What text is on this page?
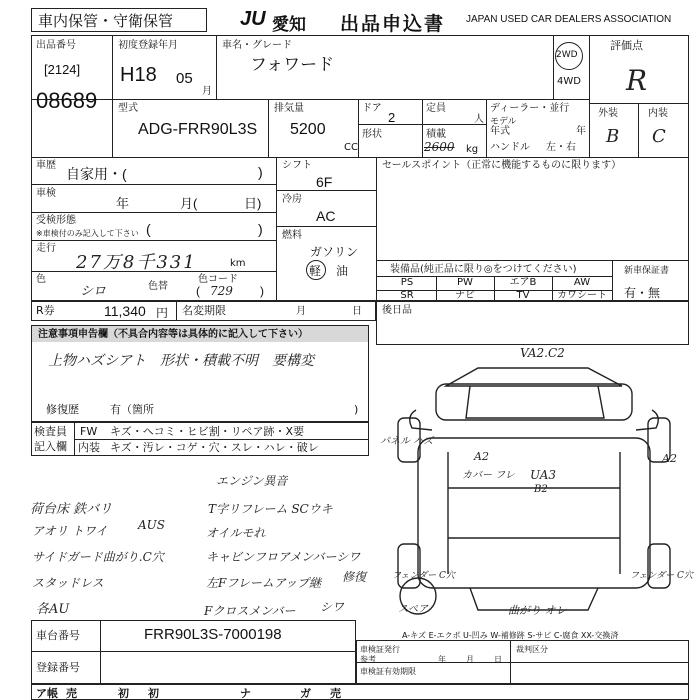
車内保管・守衛保管	JU 愛知 出品申込書 JAPAN USED CAR DEALERS ASSOCIATION
出品番号
[2124]
08689
初度登録年月
H18 05
月
車名・グレード
フォワード	2WD
4WD
評価点
R
外装
B
内装
C
型式
ADG-FRR90L3S
排気量
5200
CC
ドア
2
定員
人
形状	積載
2600 kg
ディーラー・並行
モデル
年式	年
ハンドル 左・右
車歴
自家用・(	)
車検
年	月(	日)
受検形態
※車検付のみ記入して下さい (	)
走行
27万8千331	km
色
シロ	色替
色コード
729
(	)
シフト
6F
冷房
AC
燃料
ガソリン
軽 油
セールスポイント（正常に機能するものに限ります）
装備品(純正品に限り◎をつけてください)
PS	PW	エアB	AW
SR	ナビ	TV	カワシート
新車保証書
有・無
R券	11,340 円 名変期限	月	日 後日品
注意事項申告欄（不具合内容等は具体的に記入して下さい）
上物ハズシアト　形状・積載不明　要構変
修復歴	有（箇所	)
検査員
記入欄
FW キズ・ヘコミ・ヒビ割・リペア跡・X要
内装 キズ・汚レ・コゲ・穴・スレ・ハレ・破レ
エンジン異音
荷台床 鉄バリ	T字リフレーム SCウキ
アオリ トワイ	AUS
オイルモれ
サイドガード曲がり.C穴	キャビンフロアメンバーシワ
スタッドレス	左Fフレームアップ継 修復
各AU	Fクロスメンバー シワ
VA2.C2
パネル ハズ
A2
カバー フレ UA3
B2
A2
フェンダー C穴	フェンダー C穴
スペア	曲がり オレ
A-キズ E-エクボ U-凹み W-補修跡 S-サビ C-腐食 XX-交換済
車台番号	FRR90L3S-7000198
登録番号
車検証発行
参考	年	月	日
裁判区分
車検証有効期限
ア帳 売	初 初	ナ	ガ 売
